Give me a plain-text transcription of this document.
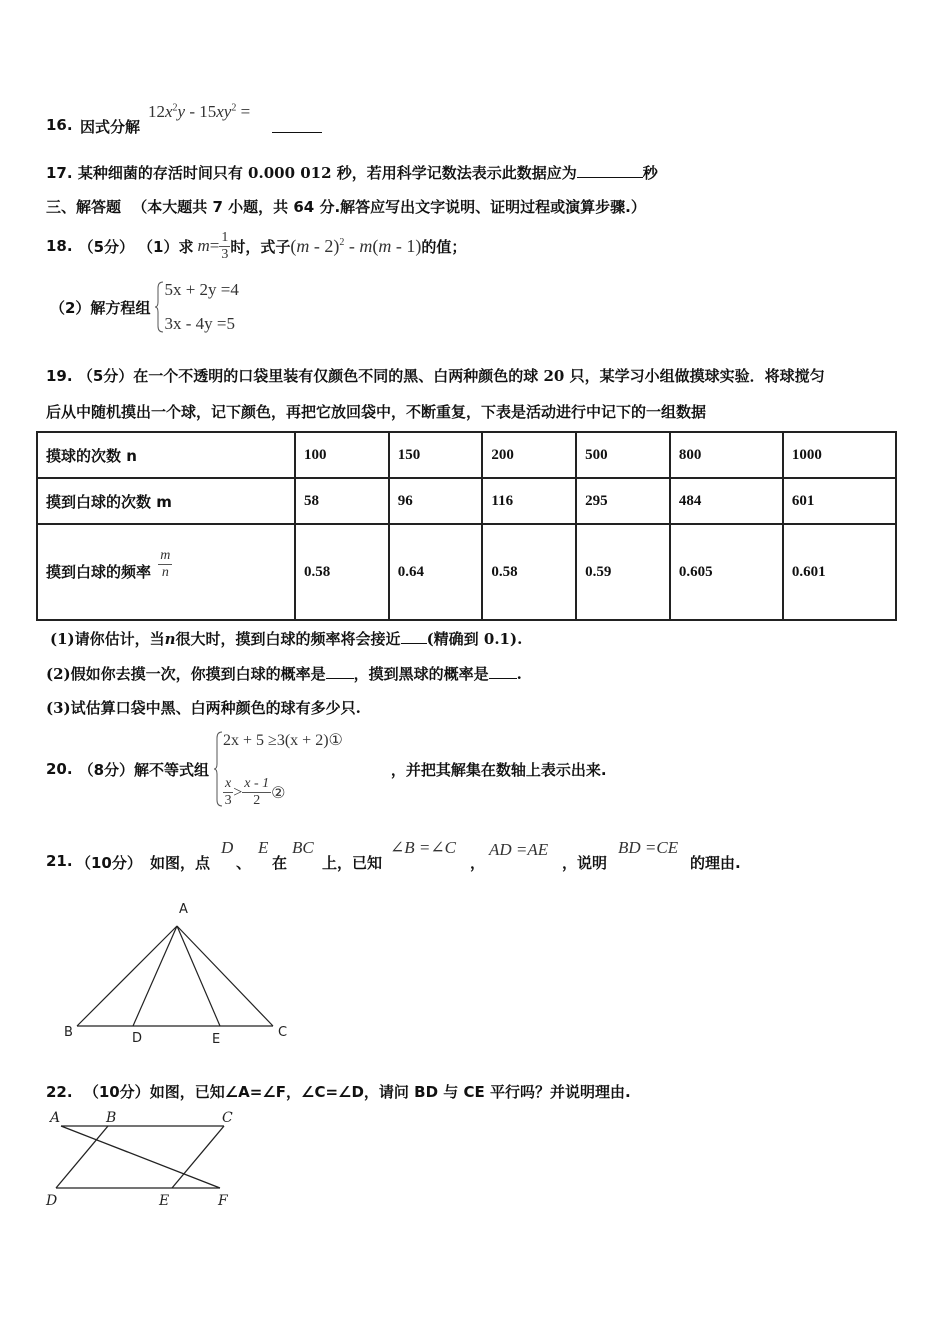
16. 因式分解
$12x^2y - 15xy^2$ =
17. 某种细菌的存活时间只有 0.000 012 秒，若用科学记数法表示此数据应为	秒
三、解答题 （本大题共 7 小题，共 64 分.解答应写出文字说明、证明过程或演算步骤.）
18. （5分） （1）求 $m = \frac{1}{3}$ 时，式子 (m - 2)$^2$ - m(m - 1) 的值；
（2）解方程组
5x + 2y =4
3x - 4y =5
19. （5分）在一个不透明的口袋里装有仅颜色不同的黑、白两种颜色的球 20 只，某学习小组做摸球实验．将球搅匀
后从中随机摸出一个球，记下颜色，再把它放回袋中，不断重复，下表是活动进行中记下的一组数据
摸球的次数 n	100	150	200	500	800	1000
摸到白球的次数 m	58	96	116	295	484	601
摸到白球的频率 $\frac{m}{n}$	0.58	0.64	0.58	0.59	0.605	0.601
(1)请你估计，当n很大时，摸到白球的频率将会接近 (精确到 0.1).
(2)假如你去摸一次，你摸到白球的概率是 ，摸到黑球的概率是 .
(3)试估算口袋中黑、白两种颜色的球有多少只.
20. （8分） 解不等式组
2x + 5 ≥3(x + 2)①
$\frac{x}{3} > \frac{x - 1}{2}$ ②
，并把其解集在数轴上表示出来.
21. （10分） 如图，点
D
、
E
在
BC
上，已知
∠B =∠C
，
AD =AE
，说明
BD =CE
的理由.
A
B	D	E	C
22. （10分）如图，已知∠A=∠F，∠C=∠D，请问 BD 与 CE 平行吗？并说明理由.
A	B	C
D	E	F
